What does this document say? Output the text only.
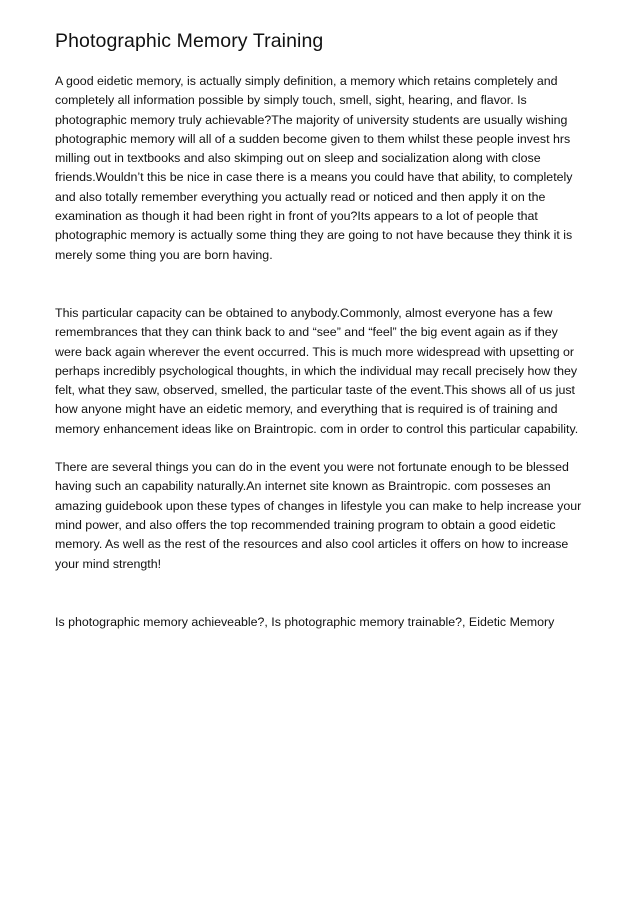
Photographic Memory Training

A good eidetic memory, is actually simply definition, a memory which retains completely and completely all information possible by simply touch, smell, sight, hearing, and flavor. Is photographic memory truly achievable?The majority of university students are usually wishing photographic memory will all of a sudden become given to them whilst these people invest hrs milling out in textbooks and also skimping out on sleep and socialization along with close friends.Wouldn’t this be nice in case there is a means you could have that ability, to completely and also totally remember everything you actually read or noticed and then apply it on the examination as though it had been right in front of you?Its appears to a lot of people that photographic memory is actually some thing they are going to not have because they think it is merely some thing you are born having.

This particular capacity can be obtained to anybody.Commonly, almost everyone has a few remembrances that they can think back to and “see” and “feel” the big event again as if they were back again wherever the event occurred. This is much more widespread with upsetting or perhaps incredibly psychological thoughts, in which the individual may recall precisely how they felt, what they saw, observed, smelled, the particular taste of the event.This shows all of us just how anyone might have an eidetic memory, and everything that is required is of training and memory enhancement ideas like on Braintropic. com in order to control this particular capability.

There are several things you can do in the event you were not fortunate enough to be blessed having such an capability naturally.An internet site known as Braintropic. com posseses an amazing guidebook upon these types of changes in lifestyle you can make to help increase your mind power, and also offers the top recommended training program to obtain a good eidetic memory. As well as the rest of the resources and also cool articles it offers on how to increase your mind strength!

Is photographic memory achieveable?, Is photographic memory trainable?, Eidetic Memory
